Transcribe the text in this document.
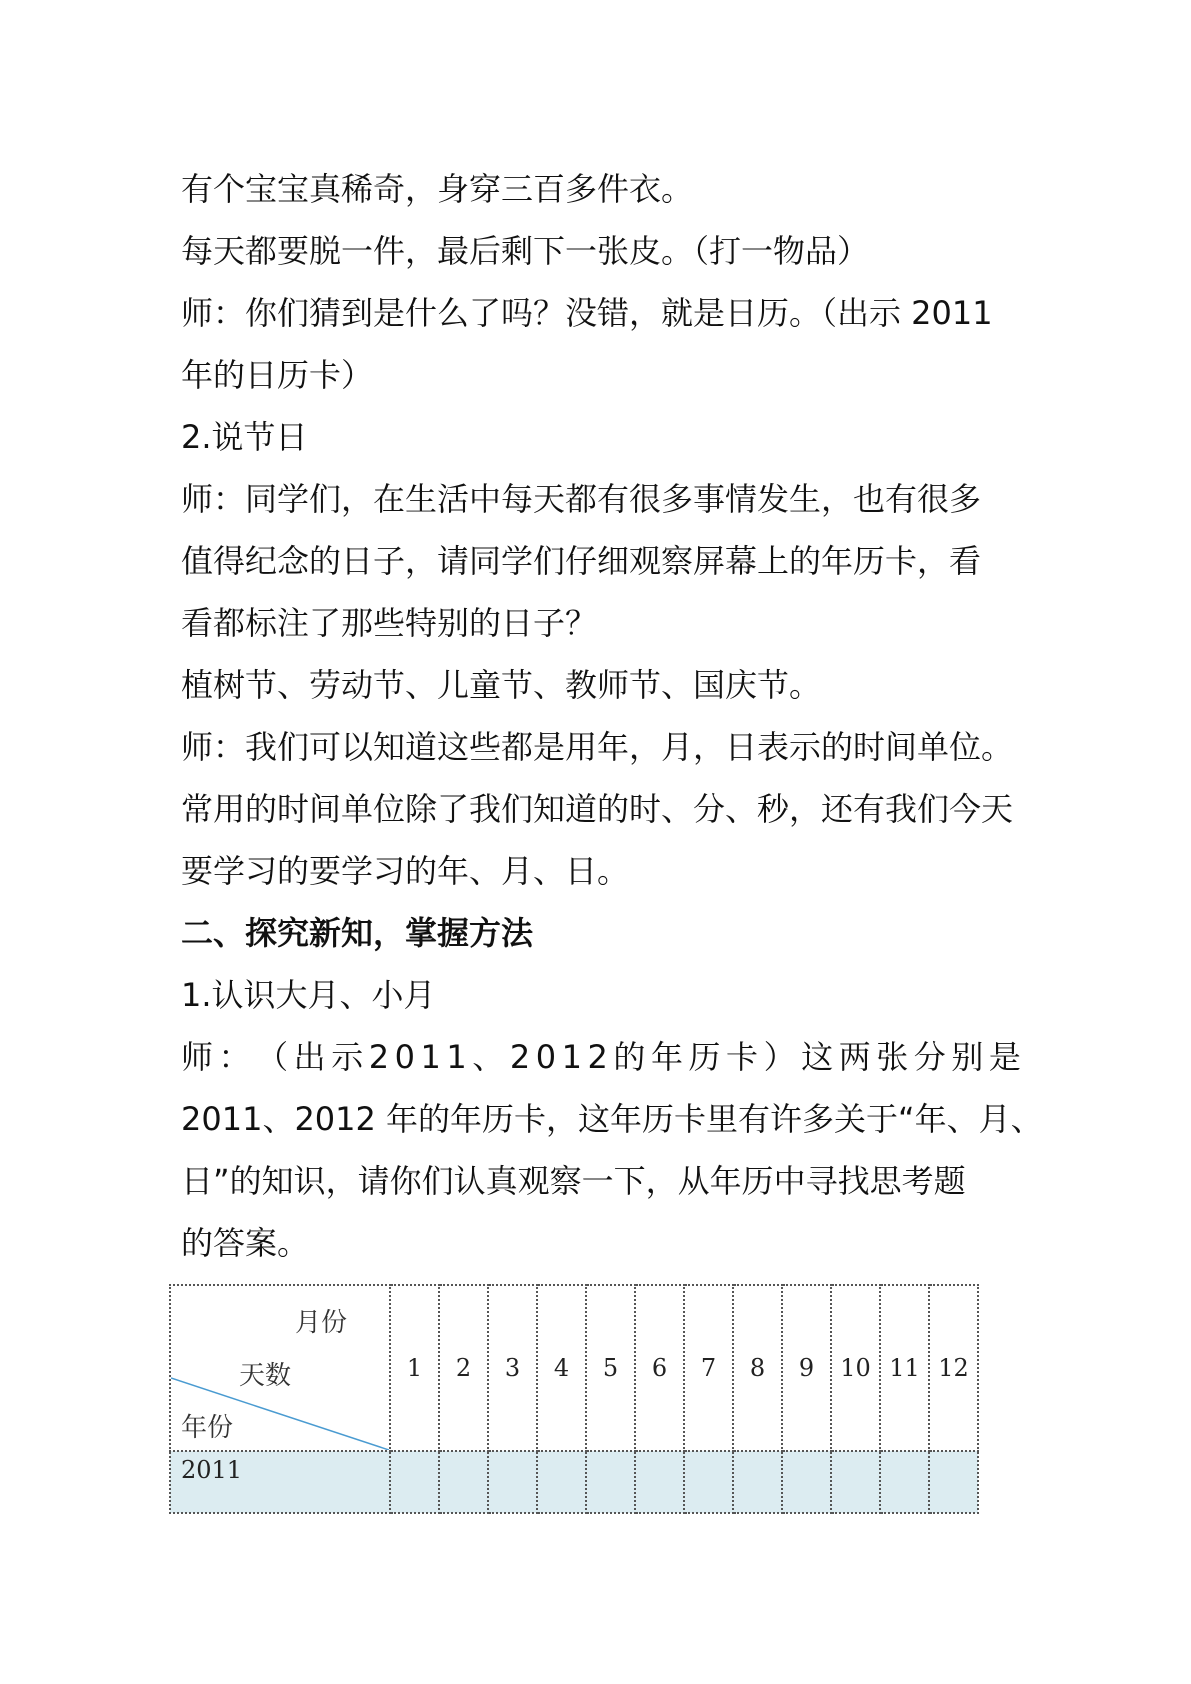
有个宝宝真稀奇，身穿三百多件衣。
每天都要脱一件，最后剩下一张皮。（打一物品）
师：你们猜到是什么了吗？没错，就是日历。（出示 2011
年的日历卡）
2.说节日
师：同学们，在生活中每天都有很多事情发生，也有很多
值得纪念的日子，请同学们仔细观察屏幕上的年历卡，看
看都标注了那些特别的日子？
植树节、劳动节、儿童节、教师节、国庆节。
师：我们可以知道这些都是用年，月，日表示的时间单位。
常用的时间单位除了我们知道的时、分、秒，还有我们今天
要学习的要学习的年、月、日。
二、探究新知，掌握方法
1.认识大月、小月
师 ： （ 出 示 2 0 1 1 、 2 0 1 2 的 年 历 卡 ） 这 两 张 分 别 是
2011、2012 年的年历卡，这年历卡里有许多关于“年、月、
日”的知识，请你们认真观察一下，从年历中寻找思考题
的答案。
月份
天数
年份	1	2	3	4	5	6	7	8	9	10	11	12
2011												
